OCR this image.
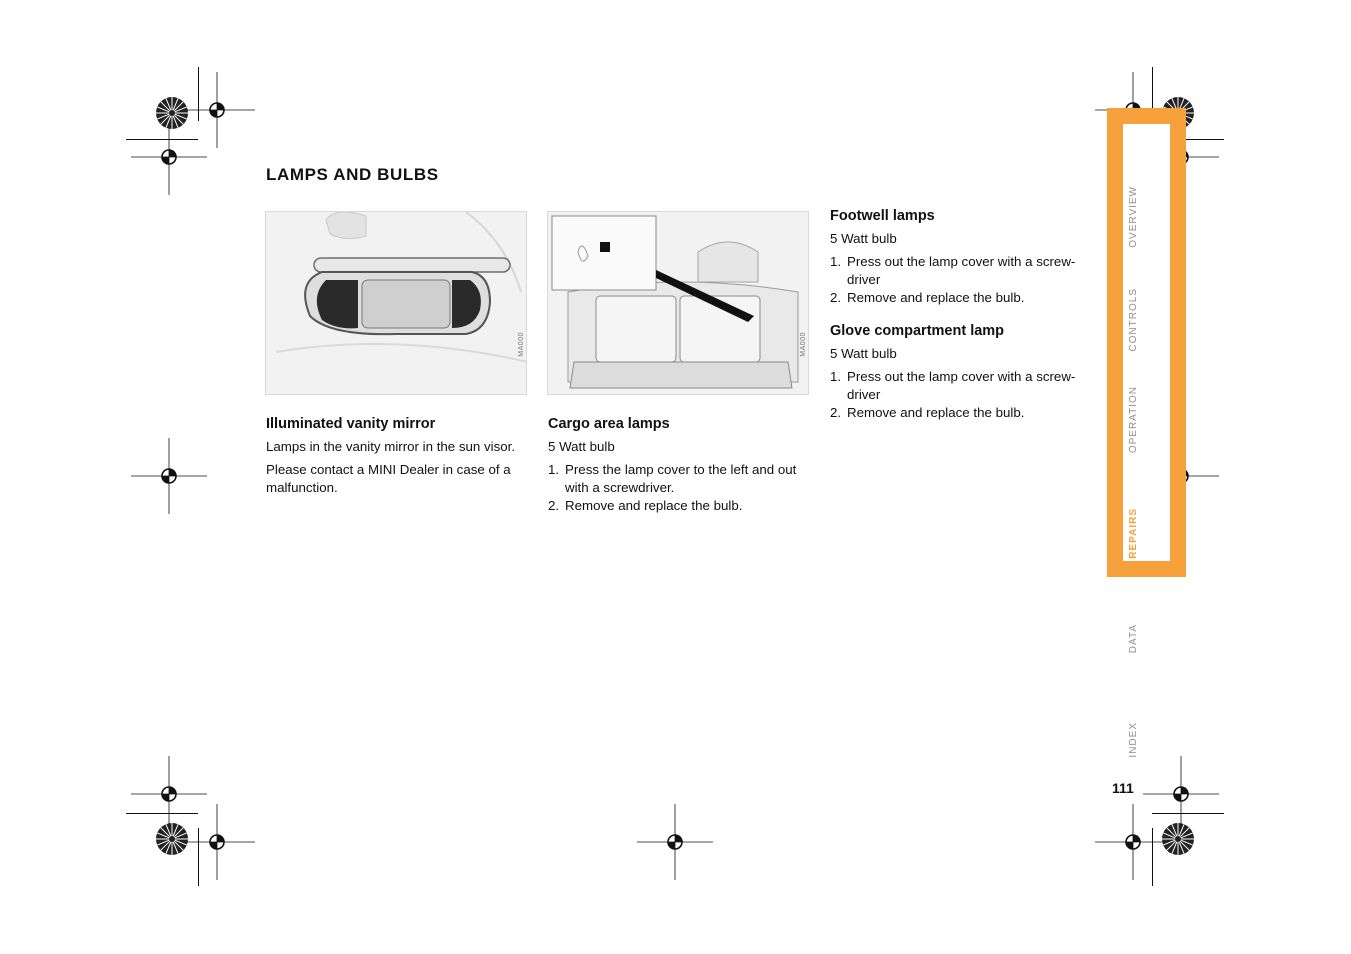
OVERVIEW
CONTROLS
OPERATION
REPAIRS
DATA
INDEX
LAMPS AND BULBS
MA000	MA000
Illuminated vanity mirror

Lamps in the vanity mirror in the sun visor.

Please contact a MINI Dealer in case of a malfunction.

Cargo area lamps

5 Watt bulb

1. Press the lamp cover to the left and out with a screwdriver.
2. Remove and replace the bulb.
Footwell lamps

5 Watt bulb

1. Press out the lamp cover with a screw-driver
2. Remove and replace the bulb.
Glove compartment lamp

5 Watt bulb

1. Press out the lamp cover with a screw-driver
2. Remove and replace the bulb.
111
